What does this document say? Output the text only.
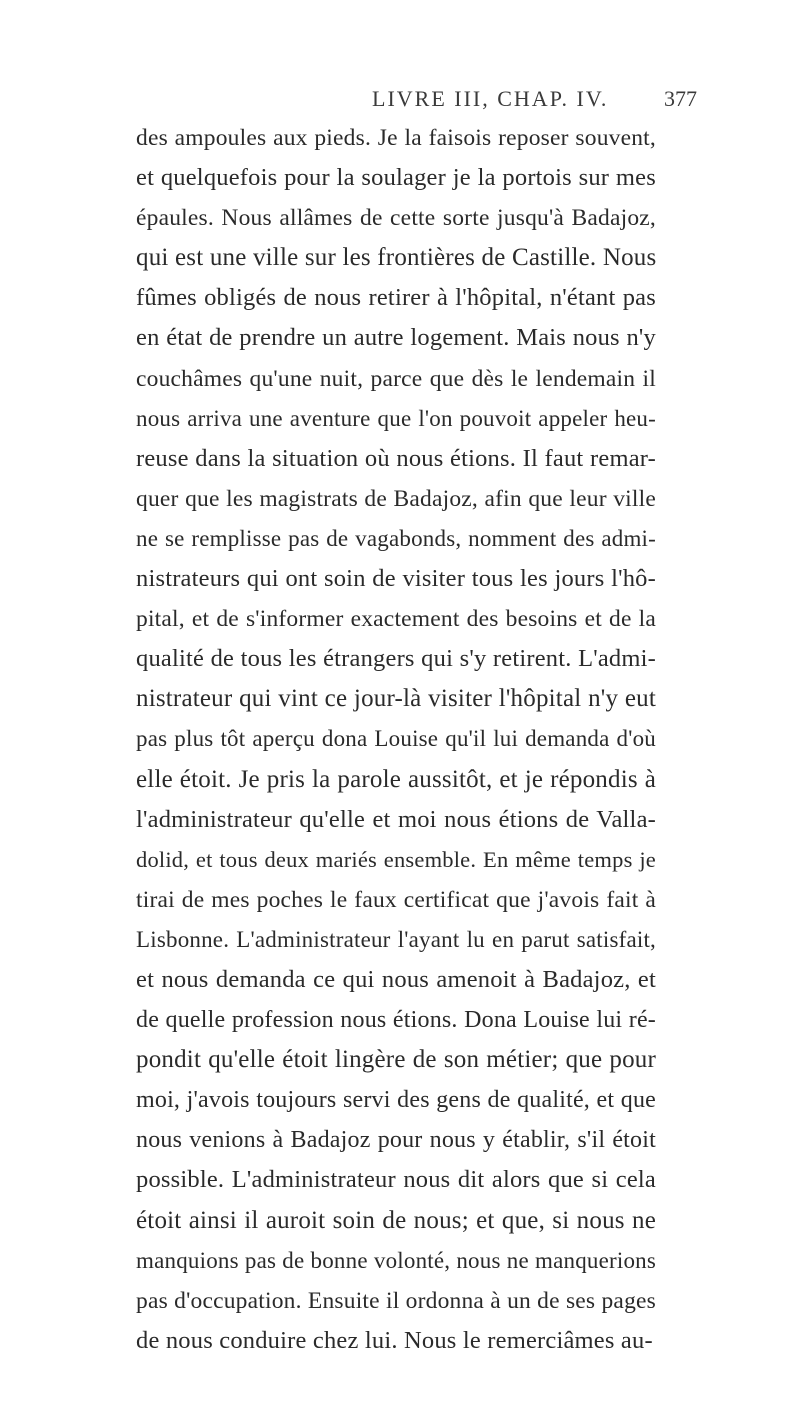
LIVRE III, CHAP. IV.	377
des ampoules aux pieds. Je la faisois reposer souvent,
et quelquefois pour la soulager je la portois sur mes
épaules. Nous allâmes de cette sorte jusqu'à Badajoz,
qui est une ville sur les frontières de Castille. Nous
fûmes obligés de nous retirer à l'hôpital, n'étant pas
en état de prendre un autre logement. Mais nous n'y
couchâmes qu'une nuit, parce que dès le lendemain il
nous arriva une aventure que l'on pouvoit appeler heu-
reuse dans la situation où nous étions. Il faut remar-
quer que les magistrats de Badajoz, afin que leur ville
ne se remplisse pas de vagabonds, nomment des admi-
nistrateurs qui ont soin de visiter tous les jours l'hô-
pital, et de s'informer exactement des besoins et de la
qualité de tous les étrangers qui s'y retirent. L'admi-
nistrateur qui vint ce jour-là visiter l'hôpital n'y eut
pas plus tôt aperçu dona Louise qu'il lui demanda d'où
elle étoit. Je pris la parole aussitôt, et je répondis à
l'administrateur qu'elle et moi nous étions de Valla-
dolid, et tous deux mariés ensemble. En même temps je
tirai de mes poches le faux certificat que j'avois fait à
Lisbonne. L'administrateur l'ayant lu en parut satisfait,
et nous demanda ce qui nous amenoit à Badajoz, et
de quelle profession nous étions. Dona Louise lui ré-
pondit qu'elle étoit lingère de son métier; que pour
moi, j'avois toujours servi des gens de qualité, et que
nous venions à Badajoz pour nous y établir, s'il étoit
possible. L'administrateur nous dit alors que si cela
étoit ainsi il auroit soin de nous; et que, si nous ne
manquions pas de bonne volonté, nous ne manquerions
pas d'occupation. Ensuite il ordonna à un de ses pages
de nous conduire chez lui. Nous le remerciâmes au-
